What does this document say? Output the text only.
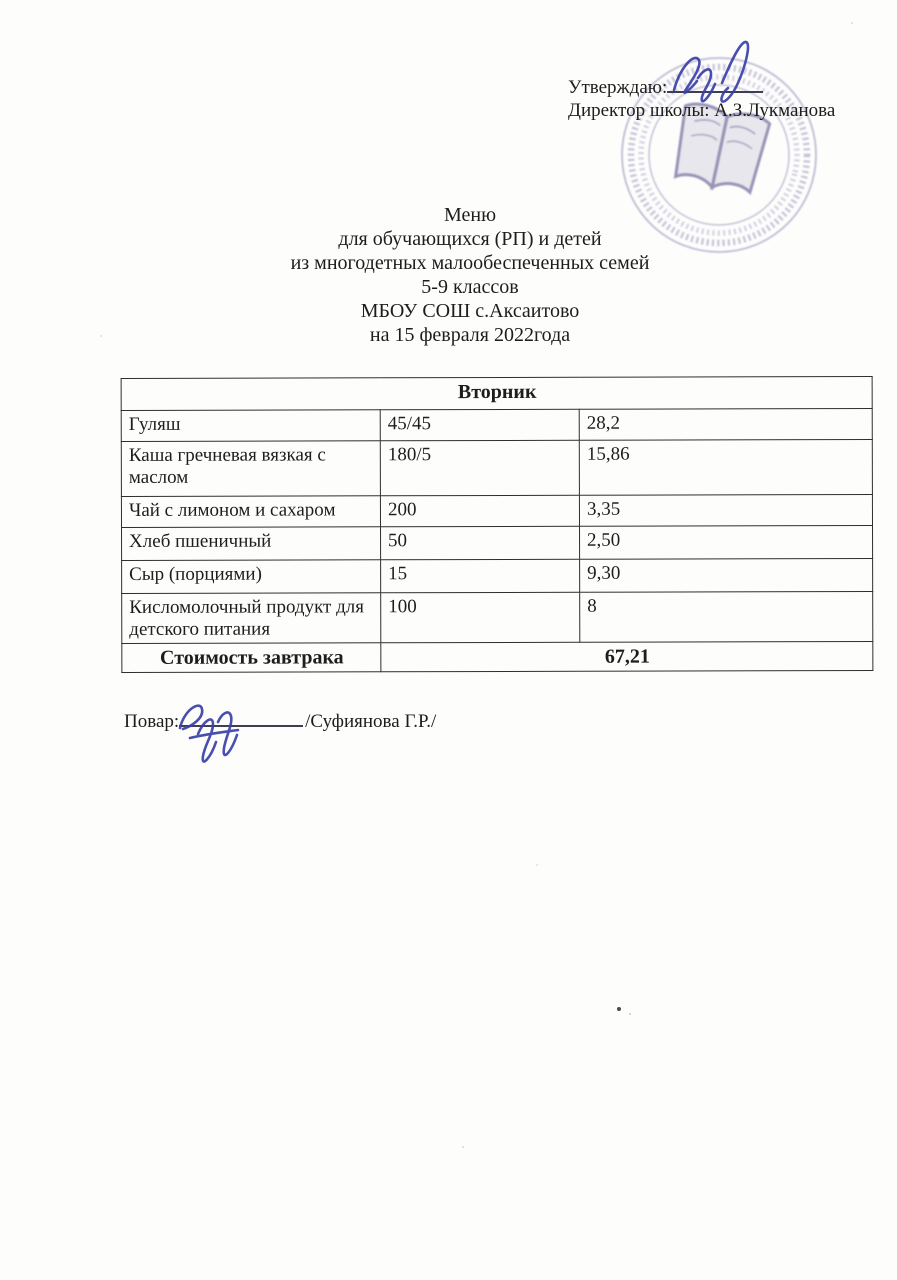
Утверждаю:
Директор школы: А.З.Лукманова
Меню
для обучающихся (РП) и детей
из многодетных малообеспеченных семей
5-9 классов
МБОУ СОШ с.Аксаитово
на 15 февраля 2022года
Вторник		
Гуляш	45/45	28,2
Каша гречневая вязкая с маслом	180/5	15,86
Чай с лимоном и сахаром	200	3,35
Хлеб пшеничный	50	2,50
Сыр (порциями)	15	9,30
Кисломолочный продукт для детского питания	100	8
Стоимость завтрака	67,21	
Повар:	/Суфиянова Г.Р./
